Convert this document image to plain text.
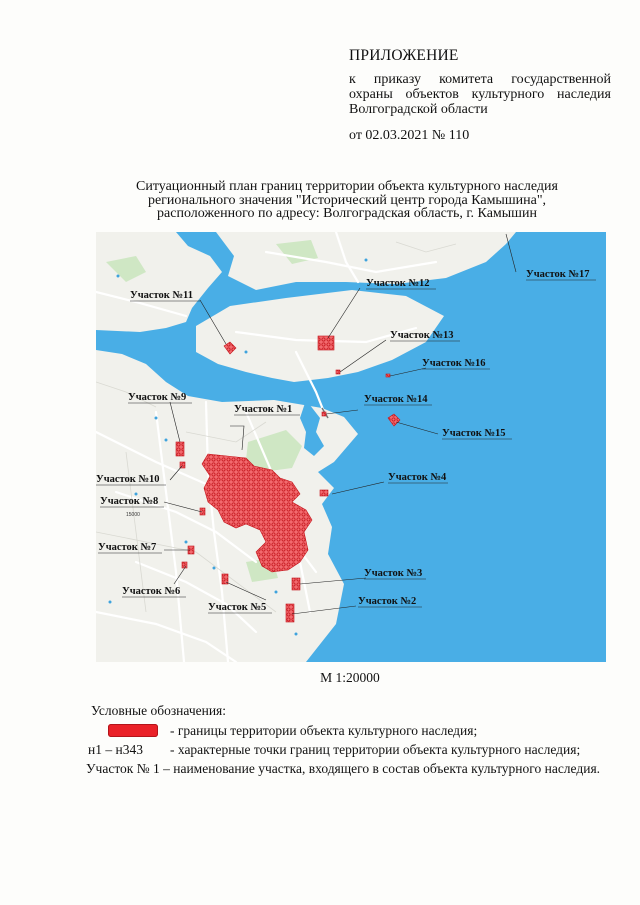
ПРИЛОЖЕНИЕ
к приказу комитета государственной охраны объектов культурного наследия Волгоградской области
от 02.03.2021 № 110
Ситуационный план границ территории объекта культурного наследия
регионального значения "Исторический центр города Камышина",
расположенного по адресу: Волгоградская область, г. Камышин
15000
Участок №1
Участок №2
Участок №3
Участок №4
Участок №5
Участок №6
Участок №7
Участок №8
Участок №9
Участок №10
Участок №11
Участок №12
Участок №13
Участок №14
Участок №15
Участок №16
Участок №17
М 1:20000
Условные обозначения:
- границы территории объекта культурного наследия;
н1 – н343 - характерные точки границ территории объекта культурного наследия;
Участок № 1 – наименование участка, входящего в состав объекта культурного наследия.
